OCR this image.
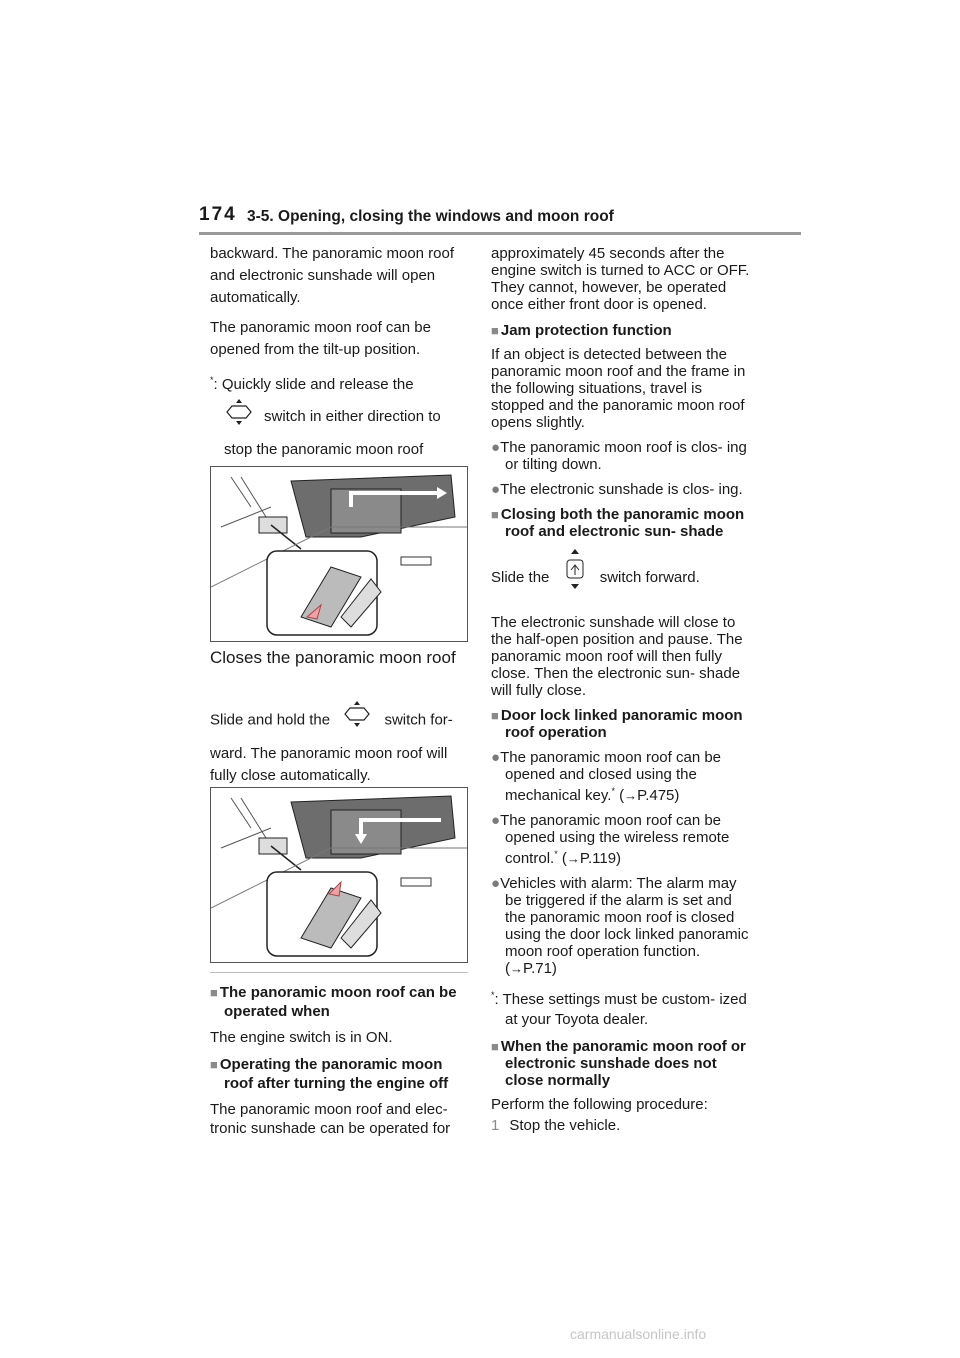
174 3-5. Opening, closing the windows and moon roof

backward. The panoramic moon roof and electronic sunshade will open automatically.

The panoramic moon roof can be opened from the tilt-up position.

*: Quickly slide and release the

switch in either direction to stop the panoramic moon roof
Closes the panoramic moon roof
Slide and hold the	switch for-

ward. The panoramic moon roof will fully close automatically.

■ The panoramic moon roof can be operated when

The engine switch is in ON.

■ Operating the panoramic moon roof after turning the engine off

The panoramic moon roof and elec- tronic sunshade can be operated for

approximately 45 seconds after the engine switch is turned to ACC or OFF. They cannot, however, be operated once either front door is opened.

■ Jam protection function

If an object is detected between the panoramic moon roof and the frame in the following situations, travel is stopped and the panoramic moon roof opens slightly.

●The panoramic moon roof is clos- ing or tilting down.

●The electronic sunshade is clos- ing.

■ Closing both the panoramic moon roof and electronic sun- shade

Slide the	switch forward.

The electronic sunshade will close to the half-open position and pause. The panoramic moon roof will then fully close. Then the electronic sun- shade will fully close.

■ Door lock linked panoramic moon roof operation

●The panoramic moon roof can be opened and closed using the mechanical key.* (→P.475)

●The panoramic moon roof can be opened using the wireless remote control.* (→P.119)

●Vehicles with alarm: The alarm may be triggered if the alarm is set and the panoramic moon roof is closed using the door lock linked panoramic moon roof operation function. (→P.71)

*: These settings must be custom- ized at your Toyota dealer.

■ When the panoramic moon roof or electronic sunshade does not close normally

Perform the following procedure:

1 Stop the vehicle.

carmanualsonline.info
